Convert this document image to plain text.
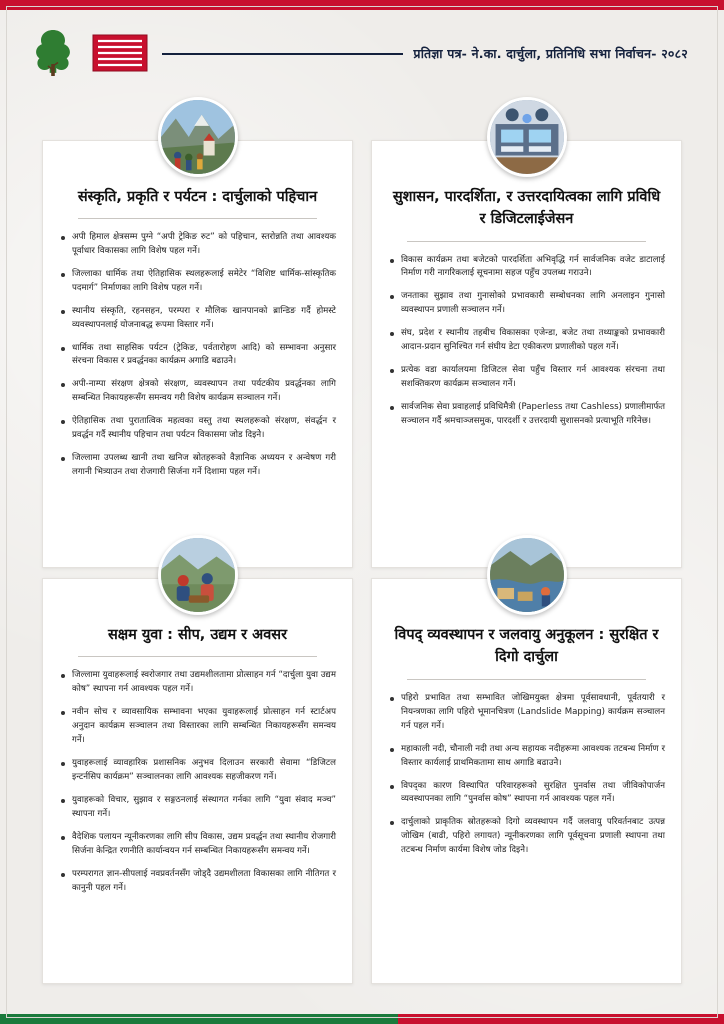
प्रतिज्ञा पत्र- ने.का. दार्चुला, प्रतिनिधि सभा निर्वाचन- २०८२
संस्कृति, प्रकृति र पर्यटन : दार्चुलाको पहिचान
अपी हिमाल क्षेत्रसम्म पुग्ने “अपी ट्रेकिङ रुट” को पहिचान, स्तरोन्नति तथा आवश्यक पूर्वाधार विकासका लागि विशेष पहल गर्ने।
जिल्लाका धार्मिक तथा ऐतिहासिक स्थलहरूलाई समेटेर “विशिष्ट धार्मिक-सांस्कृतिक पदमार्ग” निर्माणका लागि विशेष पहल गर्ने।
स्थानीय संस्कृति, रहनसहन, परम्परा र मौलिक खानपानको ब्रान्डिङ गर्दै होमस्टे व्यवस्थापनलाई योजनाबद्ध रूपमा विस्तार गर्ने।
धार्मिक तथा साहसिक पर्यटन (ट्रेकिङ, पर्वतारोहण आदि) को सम्भावना अनुसार संरचना विकास र प्रवर्द्धनका कार्यक्रम अगाडि बढाउनेे।
अपी-नाम्पा संरक्षण क्षेत्रको संरक्षण, व्यवस्थापन तथा पर्यटकीय प्रवर्द्धनका लागि सम्बन्धित निकायहरूसँग समन्वय गरी विशेष कार्यक्रम सञ्चालन गर्ने।
ऐतिहासिक तथा पुरातात्विक महत्वका वस्तु तथा स्थलहरूको संरक्षण, संवर्द्धन र प्रवर्द्धन गर्दै स्थानीय पहिचान तथा पर्यटन विकासमा जोड दिइनेे।
जिल्लामा उपलब्ध खानी तथा खनिज स्रोतहरूको वैज्ञानिक अध्ययन र अन्वेषण गरी लगानी भित्र्याउन तथा रोजगारी सिर्जना गर्ने दिशामा पहल गर्ने।
सुशासन, पारदर्शिता, र उत्तरदायित्वका लागि प्रविधि र डिजिटलाईजेसन
विकास कार्यक्रम तथा बजेटको पारदर्शिता अभिवृद्धि गर्न सार्वजनिक वजेट डाटालाई निर्माण गरी नागरिकलाई सूचनामा सहज पहुँच उपलब्ध गराउने।
जनताका सुझाव तथा गुनासोको प्रभावकारी सम्बोधनका लागि अनलाइन गुनासो व्यवस्थापन प्रणाली सञ्चालन गर्ने।
संघ, प्रदेश र स्थानीय तहबीच विकासका एजेन्डा, बजेट तथा तथ्याङ्कको प्रभावकारी आदान-प्रदान सुनिश्चित गर्न संघीय डेटा एकीकरण प्रणालीको पहल गर्ने।
प्रत्येक वडा कार्यालयमा डिजिटल सेवा पहुँच विस्तार गर्न आवश्यक संरचना तथा सशक्तिकरण कार्यक्रम सञ्चालन गर्ने।
सार्वजनिक सेवा प्रवाहलाई प्रविधिमैत्री (Paperless तथा Cashless) प्रणालीमार्फत सञ्चालन गर्दै श्रमचाञ्जसमुक, पारदर्शी र उत्तरदायी सुशासनको प्रत्याभूति गरिनेछ।
सक्षम युवा : सीप, उद्यम र अवसर
जिल्लामा युवाहरूलाई स्वरोजगार तथा उद्यमशीलतामा प्रोत्साहन गर्न “दार्चुला युवा उद्यम कोष” स्थापना गर्न आवश्यक पहल गर्ने।
नवीन सोच र व्यावसायिक सम्भावना भएका युवाहरूलाई प्रोत्साहन गर्न स्टार्टअप अनुदान कार्यक्रम सञ्चालन तथा विस्तारका लागि सम्बन्धित निकायहरूसँग समन्वय गर्ने।
युवाहरूलाई व्यावहारिक प्रशासनिक अनुभव दिलाउन सरकारी सेवामा “डिजिटल इन्टर्नसिप कार्यक्रम” सञ्चालनका लागि आवश्यक सहजीकरण गर्ने।
युवाहरूको विचार, सुझाव र सङ्गठनलाई संस्थागत गर्नका लागि “युवा संवाद मञ्च” स्थापना गर्ने।
वैदेशिक पलायन न्यूनीकरणका लागि सीप विकास, उद्यम प्रवर्द्धन तथा स्थानीय रोजगारी सिर्जना केन्द्रित रणनीति कार्यान्वयन गर्न सम्बन्धित निकायहरूसँग समन्वय गर्ने।
परम्परागत ज्ञान-सीपलाई नवप्रवर्तनसँग जोड्दै उद्यमशीलता विकासका लागि नीतिगत र कानुनी पहल गर्ने।
विपद् व्यवस्थापन र जलवायु अनुकूलन : सुरक्षित र दिगो दार्चुला
पहिरो प्रभावित तथा सम्भावित जोखिमयुक्त क्षेत्रमा पूर्वसावधानी, पूर्वतयारी र नियन्त्रणका लागि पहिरो भूमानचित्रण (Landslide Mapping) कार्यक्रम सञ्चालन गर्न पहल गर्ने।
महाकाली नदी, चौनाली नदी तथा अन्य सहायक नदीहरूमा आवश्यक तटबन्ध निर्माण र विस्तार कार्यलाई प्राथमिकतामा साथ अगाडि बढाउनेे।
विपद्का कारण विस्थापित परिवारहरूको सुरक्षित पुनर्वास तथा जीविकोपार्जन व्यवस्थापनका लागि “पुनर्वास कोष” स्थापना गर्न आवश्यक पहल गर्ने।
दार्चुलाको प्राकृतिक स्रोतहरूको दिगो व्यवस्थापन गर्दै जलवायु परिवर्तनबाट उत्पन्न जोखिम (बाढी, पहिरो लगायत) न्यूनीकरणका लागि पूर्वसूचना प्रणाली स्थापना तथा तटबन्ध निर्माण कार्यमा विशेष जोड दिइनेे।
